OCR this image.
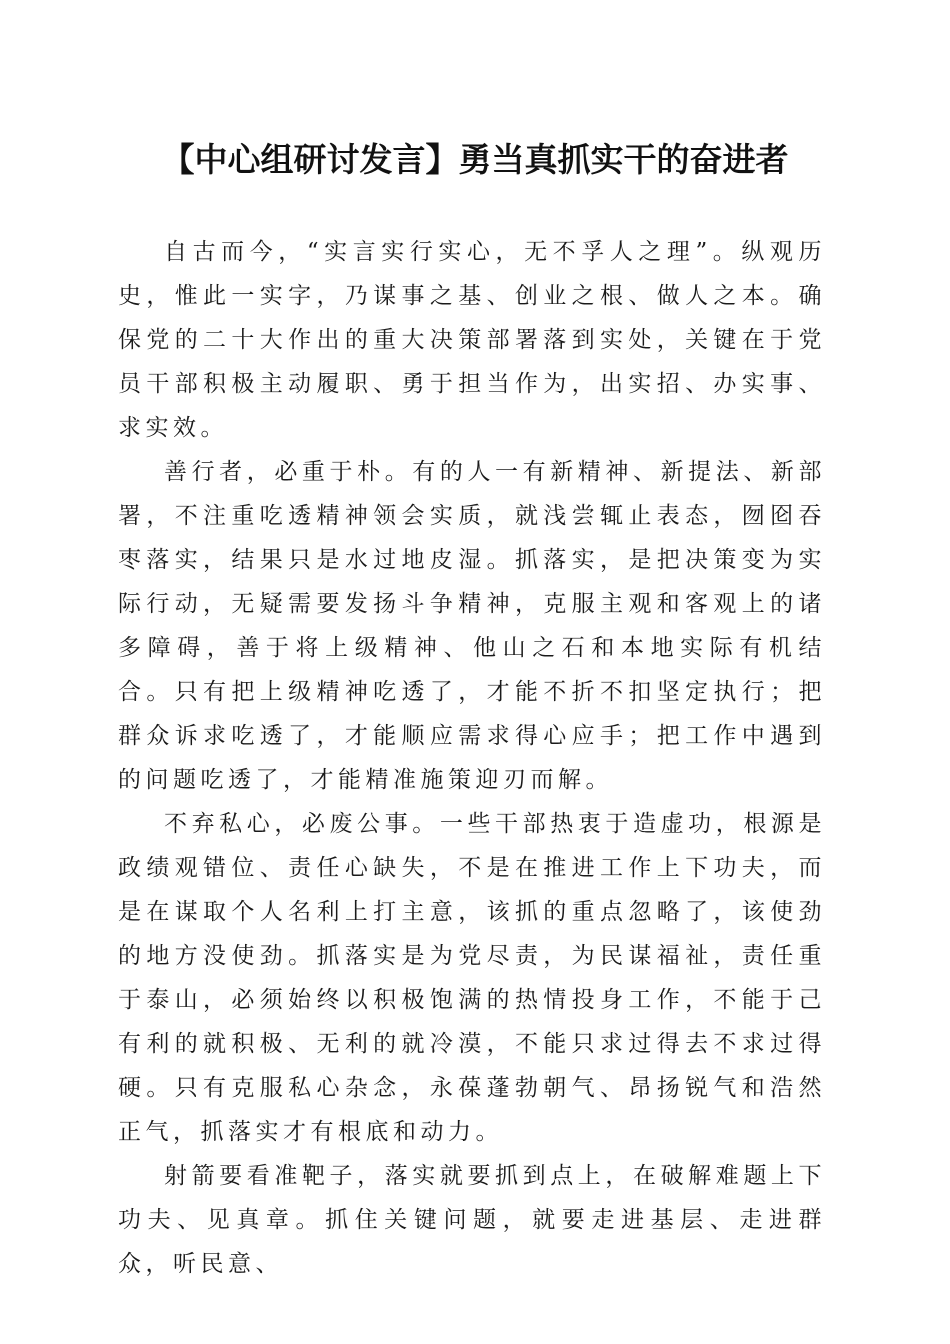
【中心组研讨发言】勇当真抓实干的奋进者

自古而今，“实言实行实心，无不孚人之理”。纵观历史，惟此一实字，乃谋事之基、创业之根、做人之本。确保党的二十大作出的重大决策部署落到实处，关键在于党员干部积极主动履职、勇于担当作为，出实招、办实事、求实效。

善行者，必重于朴。有的人一有新精神、新提法、新部署，不注重吃透精神领会实质，就浅尝辄止表态，囫囵吞枣落实，结果只是水过地皮湿。抓落实，是把决策变为实际行动，无疑需要发扬斗争精神，克服主观和客观上的诸多障碍，善于将上级精神、他山之石和本地实际有机结合。只有把上级精神吃透了，才能不折不扣坚定执行；把群众诉求吃透了，才能顺应需求得心应手；把工作中遇到的问题吃透了，才能精准施策迎刃而解。

不弃私心，必废公事。一些干部热衷于造虚功，根源是政绩观错位、责任心缺失，不是在推进工作上下功夫，而是在谋取个人名利上打主意，该抓的重点忽略了，该使劲的地方没使劲。抓落实是为党尽责，为民谋福祉，责任重于泰山，必须始终以积极饱满的热情投身工作，不能于己有利的就积极、无利的就冷漠，不能只求过得去不求过得硬。只有克服私心杂念，永葆蓬勃朝气、昂扬锐气和浩然正气，抓落实才有根底和动力。

射箭要看准靶子，落实就要抓到点上，在破解难题上下功夫、见真章。抓住关键问题，就要走进基层、走进群众，听民意、
